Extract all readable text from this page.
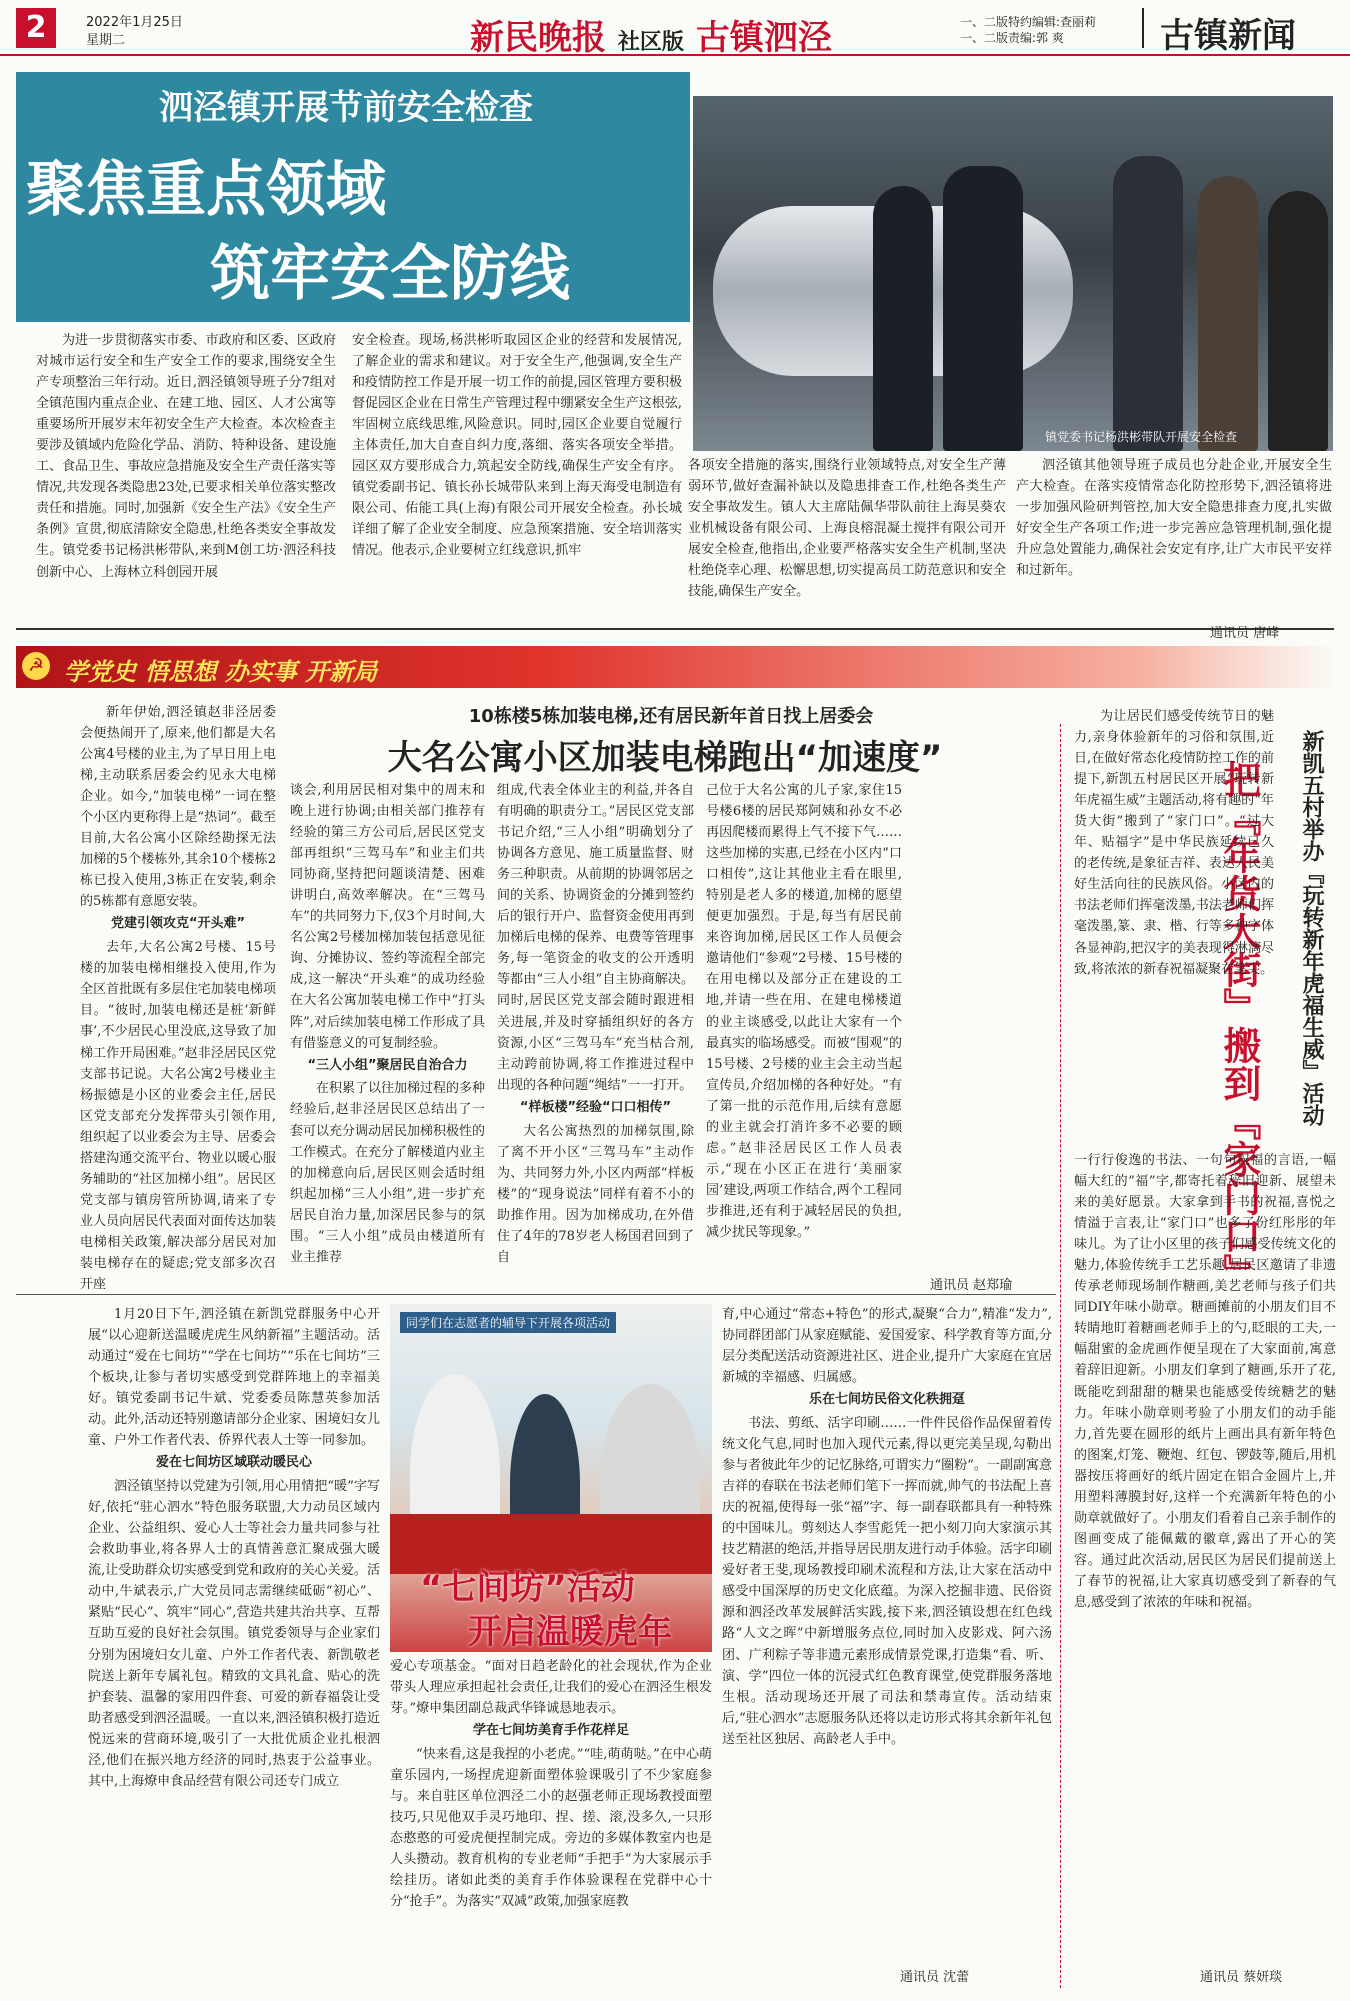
2	2022年1月25日
星期二	新民晚报 社区版 古镇泗泾	一、二版特约编辑:查丽莉
一、二版责编:郭 爽	古镇新闻
泗泾镇开展节前安全检查
聚焦重点领域
筑牢安全防线
镇党委书记杨洪彬带队开展安全检查

为进一步贯彻落实市委、市政府和区委、区政府对城市运行安全和生产安全工作的要求,围绕安全生产专项整治三年行动。近日,泗泾镇领导班子分7组对全镇范围内重点企业、在建工地、园区、人才公寓等重要场所开展岁末年初安全生产大检查。本次检查主要涉及镇域内危险化学品、消防、特种设备、建设施工、食品卫生、事故应急措施及安全生产责任落实等情况,共发现各类隐患23处,已要求相关单位落实整改责任和措施。同时,加强新《安全生产法》《安全生产条例》宣贯,彻底清除安全隐患,杜绝各类安全事故发生。镇党委书记杨洪彬带队,来到M创工坊·泗泾科技创新中心、上海林立科创园开展

安全检查。现场,杨洪彬听取园区企业的经营和发展情况,了解企业的需求和建议。对于安全生产,他强调,安全生产和疫情防控工作是开展一切工作的前提,园区管理方要积极督促园区企业在日常生产管理过程中绷紧安全生产这根弦,牢固树立底线思维,风险意识。同时,园区企业要自觉履行主体责任,加大自查自纠力度,落细、落实各项安全举措。园区双方要形成合力,筑起安全防线,确保生产安全有序。镇党委副书记、镇长孙长城带队来到上海天海受电制造有限公司、佑能工具(上海)有限公司开展安全检查。孙长城详细了解了企业安全制度、应急预案措施、安全培训落实情况。他表示,企业要树立红线意识,抓牢

各项安全措施的落实,围绕行业领域特点,对安全生产薄弱环节,做好查漏补缺以及隐患排查工作,杜绝各类生产安全事故发生。镇人大主席陆佩华带队前往上海昊葵农业机械设备有限公司、上海良榕混凝土搅拌有限公司开展安全检查,他指出,企业要严格落实安全生产机制,坚决杜绝侥幸心理、松懈思想,切实提高员工防范意识和安全技能,确保生产安全。

泗泾镇其他领导班子成员也分赴企业,开展安全生产大检查。在落实疫情常态化防控形势下,泗泾镇将进一步加强风险研判管控,加大安全隐患排查力度,扎实做好安全生产各项工作;进一步完善应急管理机制,强化提升应急处置能力,确保社会安定有序,让广大市民平安祥和过新年。

通讯员 唐峰
☭ 学党史 悟思想 办实事 开新局
10栋楼5栋加装电梯,还有居民新年首日找上居委会
大名公寓小区加装电梯跑出“加速度”

新年伊始,泗泾镇赵非泾居委会便热闹开了,原来,他们都是大名公寓4号楼的业主,为了早日用上电梯,主动联系居委会约见永大电梯企业。如今,“加装电梯”一词在整个小区内更称得上是“热词”。截至目前,大名公寓小区除经勘探无法加梯的5个楼栋外,其余10个楼栋2栋已投入使用,3栋正在安装,剩余的5栋都有意愿安装。

党建引领攻克“开头难”

去年,大名公寓2号楼、15号楼的加装电梯相继投入使用,作为全区首批既有多层住宅加装电梯项目。“彼时,加装电梯还是桩‘新鲜事’,不少居民心里没底,这导致了加梯工作开局困难。”赵非泾居民区党支部书记说。大名公寓2号楼业主杨振德是小区的业委会主任,居民区党支部充分发挥带头引领作用,组织起了以业委会为主导、居委会搭建沟通交流平台、物业以暖心服务辅助的“社区加梯小组”。居民区党支部与镇房管所协调,请来了专业人员向居民代表面对面传达加装电梯相关政策,解决部分居民对加装电梯存在的疑虑;党支部多次召开座

谈会,利用居民相对集中的周末和晚上进行协调;由相关部门推荐有经验的第三方公司后,居民区党支部再组织“三驾马车”和业主们共同协商,坚持把问题谈清楚、困难讲明白,高效率解决。在“三驾马车”的共同努力下,仅3个月时间,大名公寓2号楼加梯加装包括意见征询、分摊协议、签约等流程全部完成,这一解决“开头难”的成功经验在大名公寓加装电梯工作中“打头阵”,对后续加装电梯工作形成了具有借鉴意义的可复制经验。

“三人小组”聚居民自治合力

在积累了以往加梯过程的多种经验后,赵非泾居民区总结出了一套可以充分调动居民加梯积极性的工作模式。在充分了解楼道内业主的加梯意向后,居民区则会适时组织起加梯“三人小组”,进一步扩充居民自治力量,加深居民参与的氛围。“三人小组”成员由楼道所有业主推荐

组成,代表全体业主的利益,并各自有明确的职责分工。”居民区党支部书记介绍,“三人小组”明确划分了协调各方意见、施工质量监督、财务三种职责。从前期的协调邻居之间的关系、协调资金的分摊到签约后的银行开户、监督资金使用再到加梯后电梯的保养、电费等管理事务,每一笔资金的收支的公开透明等都由“三人小组”自主协商解决。同时,居民区党支部会随时跟进相关进展,并及时穿插组织好的各方资源,小区“三驾马车”充当枯合剂,主动跨前协调,将工作推进过程中出现的各种问题“绳结”一一打开。

“样板楼”经验“口口相传”

大名公寓热烈的加梯氛围,除了离不开小区“三驾马车”主动作为、共同努力外,小区内两部“样板楼”的“现身说法”同样有着不小的助推作用。因为加梯成功,在外借住了4年的78岁老人杨国君回到了自

己位于大名公寓的儿子家,家住15号楼6楼的居民郑阿姨和孙女不必再因爬楼而累得上气不接下气……这些加梯的实惠,已经在小区内“口口相传”,这让其他业主看在眼里,特别是老人多的楼道,加梯的愿望便更加强烈。于是,每当有居民前来咨询加梯,居民区工作人员便会邀请他们“参观”2号楼、15号楼的在用电梯以及部分正在建设的工地,并请一些在用、在建电梯楼道的业主谈感受,以此让大家有一个最真实的临场感受。而被“围观”的15号楼、2号楼的业主会主动当起宣传员,介绍加梯的各种好处。“有了第一批的示范作用,后续有意愿的业主就会打消许多不必要的顾虑。”赵非泾居民区工作人员表示,“现在小区正在进行‘美丽家园’建设,两项工作结合,两个工程同步推进,还有利于减轻居民的负担,减少扰民等现象。”

通讯员 赵郑瑜
新凯五村举办『玩转新年虎福生威』活动
把『年货大街』搬到『家门口』

为让居民们感受传统节日的魅力,亲身体验新年的习俗和氛围,近日,在做好常态化疫情防控工作的前提下,新凯五村居民区开展“玩转新年虎福生威”主题活动,将有趣的“年货大街”搬到了“家门口”。“过大年、贴福字”是中华民族延续已久的老传统,是象征吉祥、表达人民美好生活向往的民族风俗。小区内的书法老师们挥毫泼墨,书法老师们挥毫泼墨,篆、隶、楷、行等多种字体各显神韵,把汉字的美表现得淋漓尽致,将浓浓的新春祝福凝聚在笔尖。

一行行俊逸的书法、一句句祝福的言语,一幅幅大红的“福”字,都寄托着辞旧迎新、展望未来的美好愿景。大家拿到手书的祝福,喜悦之情溢于言表,让“家门口”也多了份红彤彤的年味儿。为了让小区里的孩子们感受传统文化的魅力,体验传统手工艺乐趣,居民区邀请了非遗传承老师现场制作糖画,美艺老师与孩子们共同DIY年味小勋章。糖画摊前的小朋友们目不转睛地盯着糖画老师手上的勺,眨眼的工夫,一幅甜蜜的金虎画作便呈现在了大家面前,寓意着辞旧迎新。小朋友们拿到了糖画,乐开了花,既能吃到甜甜的糖果也能感受传统糖艺的魅力。年味小勋章则考验了小朋友们的动手能力,首先要在圆形的纸片上画出具有新年特色的图案,灯笼、鞭炮、红包、锣鼓等,随后,用机器按压将画好的纸片固定在铝合金圆片上,并用塑料薄膜封好,这样一个充满新年特色的小勋章就做好了。小朋友们看着自己亲手制作的图画变成了能佩戴的徽章,露出了开心的笑容。通过此次活动,居民区为居民们提前送上了春节的祝福,让大家真切感受到了新春的气息,感受到了浓浓的年味和祝福。

通讯员 蔡妍琰

1月20日下午,泗泾镇在新凯党群服务中心开展“以心迎新送温暖虎虎生风纳新福”主题活动。活动通过“爱在七间坊”“学在七间坊”“乐在七间坊”三个板块,让参与者切实感受到党群阵地上的幸福美好。镇党委副书记牛斌、党委委员陈慧英参加活动。此外,活动还特别邀请部分企业家、困境妇女儿童、户外工作者代表、侨界代表人士等一同参加。

爱在七间坊区域联动暖民心

泗泾镇坚持以党建为引领,用心用情把“暖”字写好,依托“驻心泗水”特色服务联盟,大力动员区域内企业、公益组织、爱心人士等社会力量共同参与社会救助事业,将各界人士的真情善意汇聚成强大暖流,让受助群众切实感受到党和政府的关心关爱。活动中,牛斌表示,广大党员同志需继续砥砺“初心”、紧贴“民心”、筑牢“同心”,营造共建共治共享、互帮互助互爱的良好社会氛围。镇党委领导与企业家们分别为困境妇女儿童、户外工作者代表、新凯敬老院送上新年专属礼包。精致的文具礼盒、贴心的洗护套装、温馨的家用四件套、可爱的新春福袋让受助者感受到泗泾温暖。一直以来,泗泾镇积极打造近悦远来的营商环境,吸引了一大批优质企业扎根泗泾,他们在振兴地方经济的同时,热衷于公益事业。其中,上海燎申食品经营有限公司还专门成立

同学们在志愿者的辅导下开展各项活动
“七间坊”活动
开启温暖虎年

爱心专项基金。“面对日趋老龄化的社会现状,作为企业带头人理应承担起社会责任,让我们的爱心在泗泾生根发芽。”燎申集团副总裁武华锋诚恳地表示。

学在七间坊美育手作花样足

“快来看,这是我捏的小老虎。”“哇,萌萌哒。”在中心萌童乐园内,一场捏虎迎新面塑体验课吸引了不少家庭参与。来自驻区单位泗泾二小的赵强老师正现场教授面塑技巧,只见他双手灵巧地印、捏、搓、滚,没多久,一只形态憨憨的可爱虎便捏制完成。旁边的多媒体教室内也是人头攒动。教育机构的专业老师“手把手”为大家展示手绘挂历。诸如此类的美育手作体验课程在党群中心十分“抢手”。为落实“双减”政策,加强家庭教

育,中心通过“常态+特色”的形式,凝聚“合力”,精准“发力”,协同群团部门从家庭赋能、爱国爱家、科学教育等方面,分层分类配送活动资源进社区、进企业,提升广大家庭在宜居新城的幸福感、归属感。

乐在七间坊民俗文化秩拥趸

书法、剪纸、活字印刷……一件件民俗作品保留着传统文化气息,同时也加入现代元素,得以更完美呈现,勾勒出参与者彼此年少的记忆脉络,可谓实力“圈粉”。一副副寓意吉祥的春联在书法老师们笔下一挥而就,帅气的书法配上喜庆的祝福,使得每一张“福”字、每一副春联都具有一种特殊的中国味儿。剪刻达人李雪彪凭一把小刻刀向大家演示其技艺精湛的绝活,并指导居民朋友进行动手体验。活字印刷爱好者王斐,现场教授印刷术流程和方法,让大家在活动中感受中国深厚的历史文化底蕴。为深入挖掘非遗、民俗资源和泗泾改革发展鲜活实践,接下来,泗泾镇设想在红色线路“人文之晖”中新增服务点位,同时加入皮影戏、阿六汤团、广利粽子等非遗元素形成情景党课,打造集“看、听、演、学”四位一体的沉浸式红色教育课堂,使党群服务落地生根。活动现场还开展了司法和禁毒宣传。活动结束后,“驻心泗水”志愿服务队还将以走访形式将其余新年礼包送至社区独居、高龄老人手中。

通讯员 沈蕾
